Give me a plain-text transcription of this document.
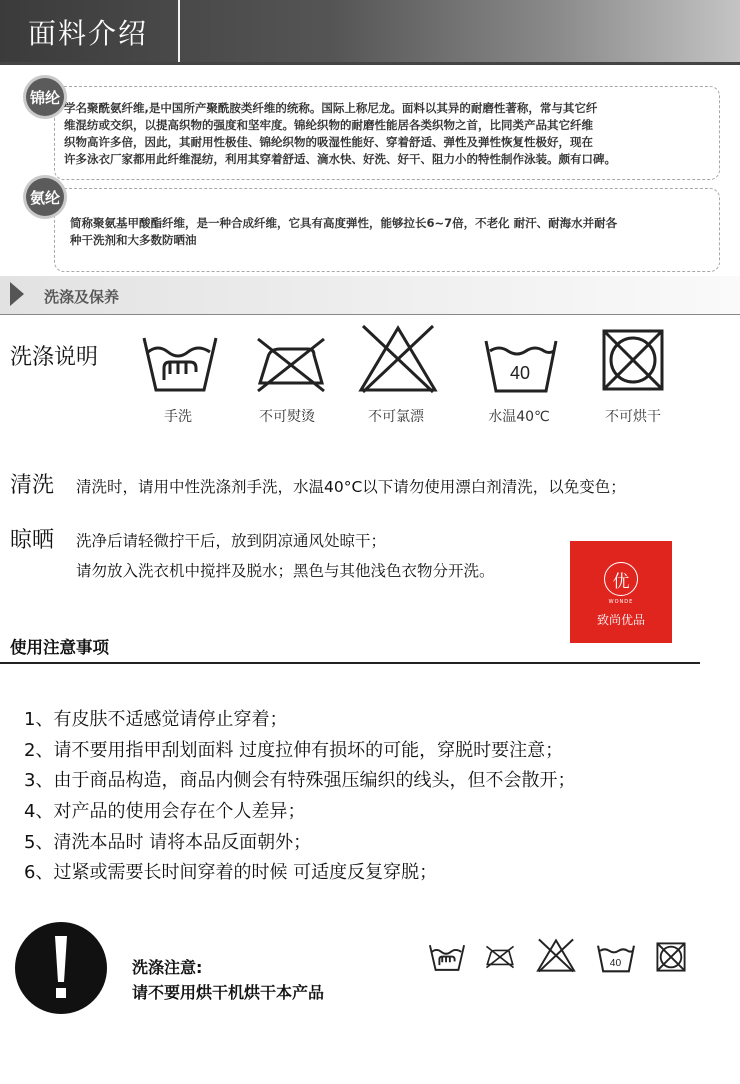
面料介绍
锦纶
学名聚酰氨纤维,是中国所产聚酰胺类纤维的统称。国际上称尼龙。面料以其异的耐磨性著称，常与其它纤
维混纺或交织，以提高织物的强度和坚牢度。锦纶织物的耐磨性能居各类织物之首，比同类产品其它纤维
织物高许多倍，因此，其耐用性极佳、锦纶织物的吸湿性能好、穿着舒适、弹性及弹性恢复性极好，现在
许多泳衣厂家都用此纤维混纺，利用其穿着舒适、滴水快、好洗、好干、阻力小的特性制作泳装。颇有口碑。
氨纶
简称聚氨基甲酸酯纤维，是一种合成纤维，它具有高度弹性，能够拉长6~7倍，不老化 耐汗、耐海水并耐各
种干洗剂和大多数防晒油
洗涤及保养
洗涤说明
40
手洗	不可熨烫	不可氯漂	水温40℃	不可烘干
清洗 清洗时，请用中性洗涤剂手洗，水温40°C以下请勿使用漂白剂清洗，以免变色；
晾晒 洗净后请轻微拧干后，放到阴凉通风处晾干；
请勿放入洗衣机中搅拌及脱水；黑色与其他浅色衣物分开洗。
优
WONDE
致尚优品
使用注意事项
1、有皮肤不适感觉请停止穿着；
2、请不要用指甲刮划面料 过度拉伸有损坏的可能，穿脱时要注意；
3、由于商品构造，商品内侧会有特殊强压编织的线头，但不会散开；
4、对产品的使用会存在个人差异；
5、清洗本品时 请将本品反面朝外；
6、过紧或需要长时间穿着的时候 可适度反复穿脱；
洗涤注意:
请不要用烘干机烘干本产品
40
